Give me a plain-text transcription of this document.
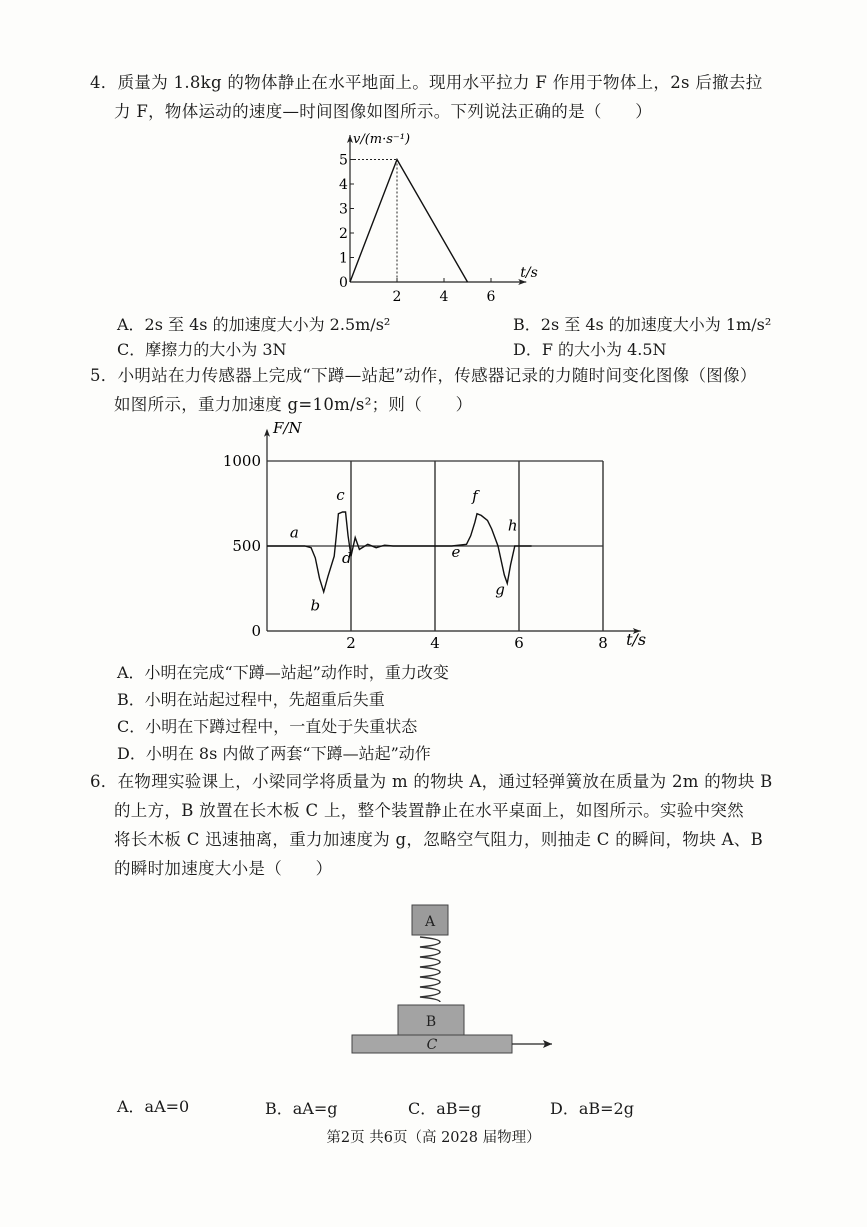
4．质量为 1.8kg 的物体静止在水平地面上。现用水平拉力 F 作用于物体上，2s 后撤去拉

力 F，物体运动的速度—时间图像如图所示。下列说法正确的是（　　）

v/(m·s⁻¹)
t/s
0
1
2
3
4
5
2	4	6
A．2s 至 4s 的加速度大小为 2.5m/s²	B．2s 至 4s 的加速度大小为 1m/s²
C．摩擦力的大小为 3N	D．F 的大小为 4.5N

5．小明站在力传感器上完成“下蹲—站起”动作，传感器记录的力随时间变化图像（图像）

如图所示，重力加速度 g=10m/s²；则（　　）

F/N
t/s
2	4	6	8
0
500
1000
a
b
c
d	e
f
g
h
A．小明在完成“下蹲—站起”动作时，重力改变
B．小明在站起过程中，先超重后失重
C．小明在下蹲过程中，一直处于失重状态
D．小明在 8s 内做了两套“下蹲—站起”动作

6．在物理实验课上，小梁同学将质量为 m 的物块 A，通过轻弹簧放在质量为 2m 的物块 B

的上方，B 放置在长木板 C 上，整个装置静止在水平桌面上，如图所示。实验中突然

将长木板 C 迅速抽离，重力加速度为 g，忽略空气阻力，则抽走 C 的瞬间，物块 A、B

的瞬时加速度大小是（　　）

A
B
C
A．aA=0	B．aA=g	C．aB=g	D．aB=2g
第2页 共6页（高 2028 届物理）
